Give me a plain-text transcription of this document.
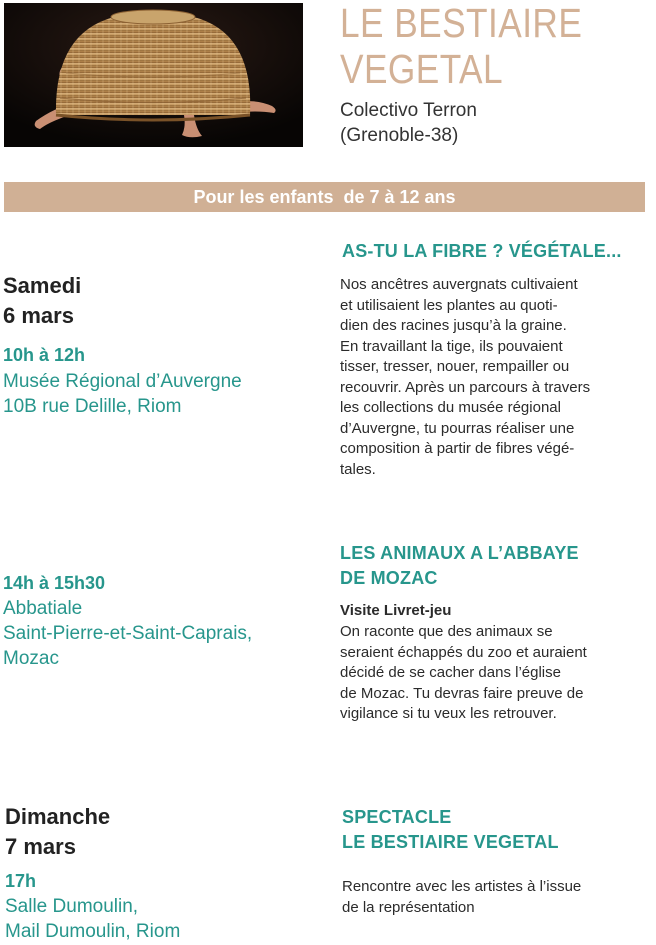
LE BESTIAIRE
VEGETAL
Colectivo Terron
(Grenoble-38)
Pour les enfants  de 7 à 12 ans
AS-TU LA FIBRE ? VÉGÉTALE...
Samedi
6 mars
10h à 12h
Musée Régional d’Auvergne
10B rue Delille, Riom
Nos ancêtres auvergnats cultivaient
et utilisaient les plantes au quoti-
dien des racines jusqu’à la graine.
En travaillant la tige, ils pouvaient
tisser, tresser, nouer, rempailler ou
recouvrir. Après un parcours à travers
les collections du musée régional
d’Auvergne, tu pourras réaliser une
composition à partir de fibres végé-
tales.
LES ANIMAUX A L’ABBAYE
DE MOZAC
14h à 15h30
Abbatiale
Saint-Pierre-et-Saint-Caprais,
Mozac
Visite Livret-jeu
On raconte que des animaux se
seraient échappés du zoo et auraient
décidé de se cacher dans l’église
de Mozac. Tu devras faire preuve de
vigilance si tu veux les retrouver.
SPECTACLE
LE BESTIAIRE VEGETAL
Dimanche
7 mars
17h
Salle Dumoulin,
Mail Dumoulin, Riom
Rencontre avec les artistes à l’issue
de la représentation
